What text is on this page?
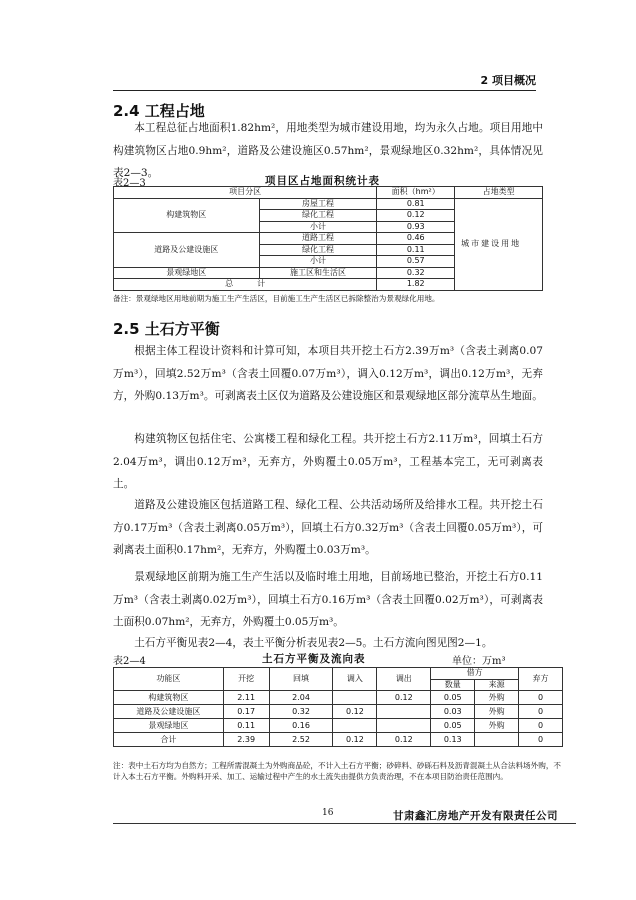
2 项目概况
2.4 工程占地
本工程总征占地面积1.82hm²，用地类型为城市建设用地，均为永久占地。项目用地中构建筑物区占地0.9hm²，道路及公建设施区0.57hm²，景观绿地区0.32hm²，具体情况见表2—3。
表2—3	项目区占地面积统计表
项目分区		面积（hm²）	占地类型
构建筑物区	房屋工程	0.81	城市建设用地
	绿化工程	0.12	
	小计	0.93	
道路及公建设施区	道路工程	0.46	
	绿化工程	0.11	
	小计	0.57	
景观绿地区	施工区和生活区	0.32	
总　　　计		1.82	
备注：景观绿地区用地前期为施工生产生活区，目前施工生产生活区已拆除整治为景观绿化用地。
2.5 土石方平衡
根据主体工程设计资料和计算可知，本项目共开挖土石方2.39万m³（含表土剥离0.07万m³），回填2.52万m³（含表土回覆0.07万m³），调入0.12万m³，调出0.12万m³，无弃方，外购0.13万m³。可剥离表土区仅为道路及公建设施区和景观绿地区部分流草丛生地面。
构建筑物区包括住宅、公寓楼工程和绿化工程。共开挖土石方2.11万m³，回填土石方2.04万m³，调出0.12万m³，无弃方，外购覆土0.05万m³，工程基本完工，无可剥离表土。
道路及公建设施区包括道路工程、绿化工程、公共活动场所及给排水工程。共开挖土石方0.17万m³（含表土剥离0.05万m³），回填土石方0.32万m³（含表土回覆0.05万m³），可剥离表土面积0.17hm²，无弃方，外购覆土0.03万m³。
景观绿地区前期为施工生产生活以及临时堆土用地，目前场地已整治，开挖土石方0.11万m³（含表土剥离0.02万m³），回填土石方0.16万m³（含表土回覆0.02万m³），可剥离表土面积0.07hm²，无弃方，外购覆土0.05万m³。
土石方平衡见表2—4，表土平衡分析表见表2—5。土石方流向图见图2—1。
表2—4	土石方平衡及流向表	单位：万m³
功能区	开挖	回填	调入	调出	借方		弃方
					数量	来源	
构建筑物区	2.11	2.04		0.12	0.05	外购	0
道路及公建设施区	0.17	0.32	0.12		0.03	外购	0
景观绿地区	0.11	0.16			0.05	外购	0
合计	2.39	2.52	0.12	0.12	0.13		0
注：表中土石方均为自然方；工程所需混凝土为外购商品砼，不计入土石方平衡；砂碎料、砂砾石料及沥青混凝土从合法料场外购，不计入本土石方平衡。外购料开采、加工、运输过程中产生的水土流失由提供方负责治理，不在本项目防治责任范围内。
16	甘肃鑫汇房地产开发有限责任公司
